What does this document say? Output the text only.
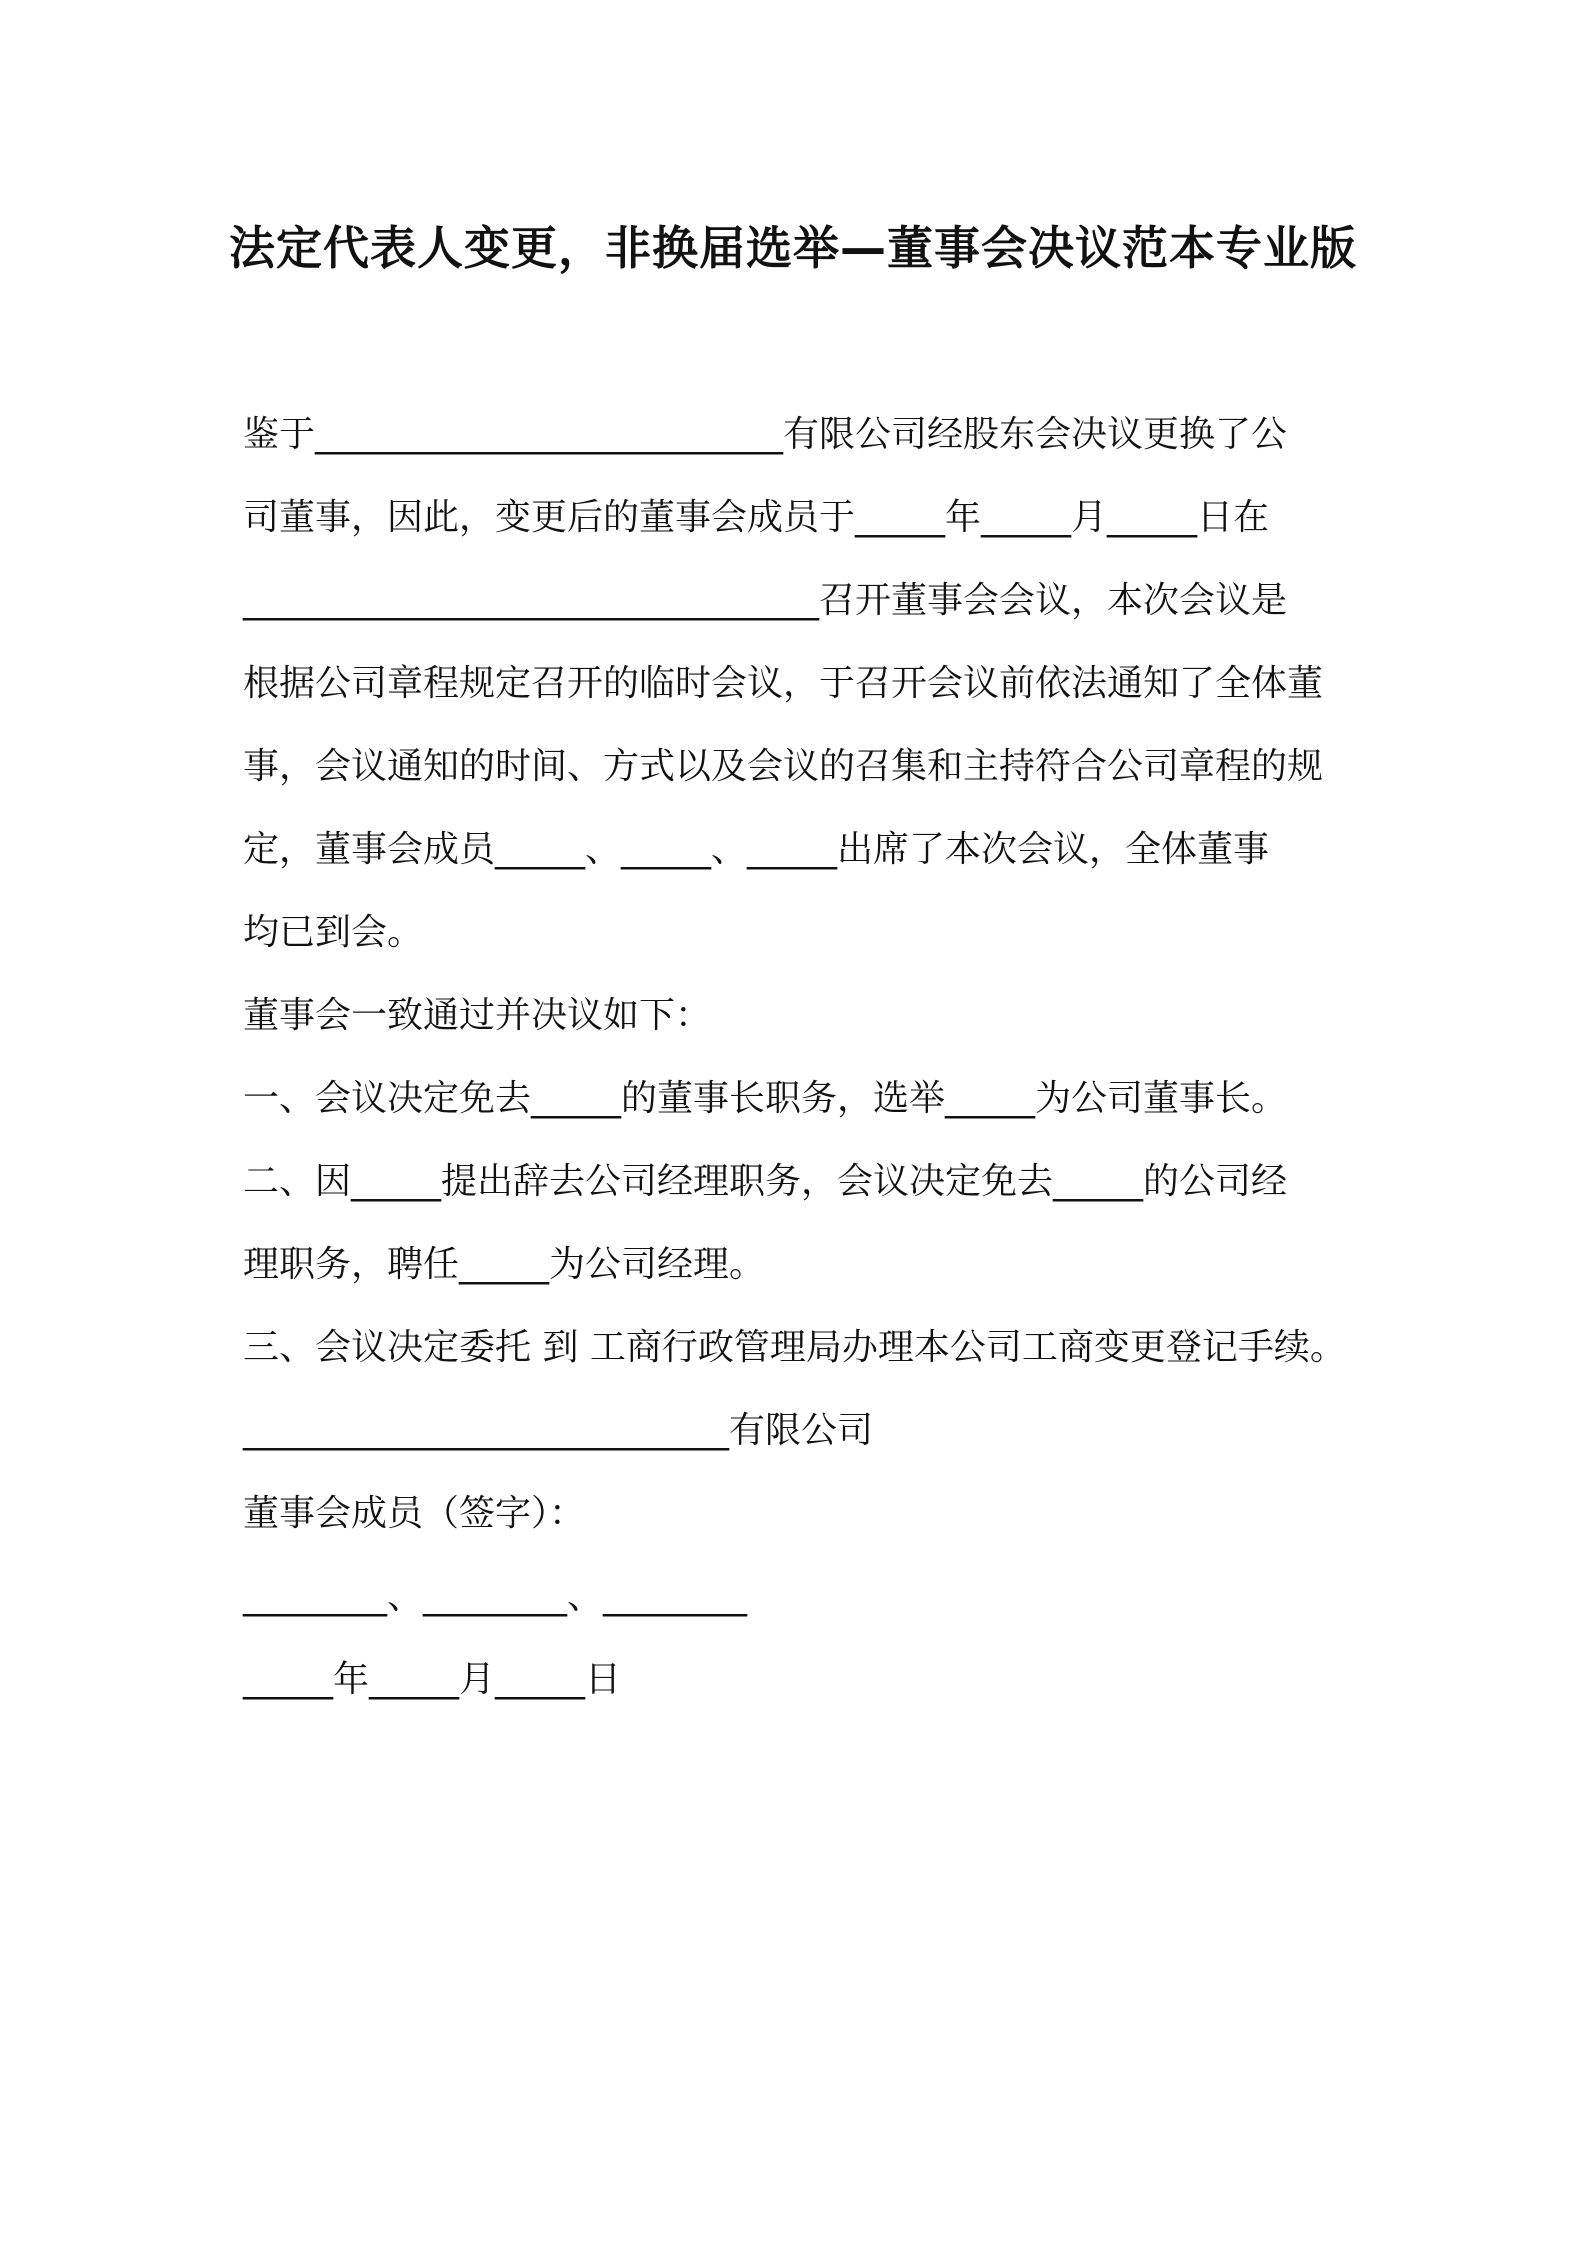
法定代表人变更，非换届选举—董事会决议范本专业版
鉴于__________________________有限公司经股东会决议更换了公
司董事，因此，变更后的董事会成员于_____年_____月_____日在
________________________________召开董事会会议，本次会议是
根据公司章程规定召开的临时会议，于召开会议前依法通知了全体董
事，会议通知的时间、方式以及会议的召集和主持符合公司章程的规
定，董事会成员_____、_____、_____出席了本次会议，全体董事
均已到会。
董事会一致通过并决议如下：
一、会议决定免去_____的董事长职务，选举_____为公司董事长。
二、因_____提出辞去公司经理职务，会议决定免去_____的公司经
理职务，聘任_____为公司经理。
三、会议决定委托 到 工商行政管理局办理本公司工商变更登记手续。
___________________________有限公司
董事会成员（签字）：
________、________、________
_____年_____月_____日
